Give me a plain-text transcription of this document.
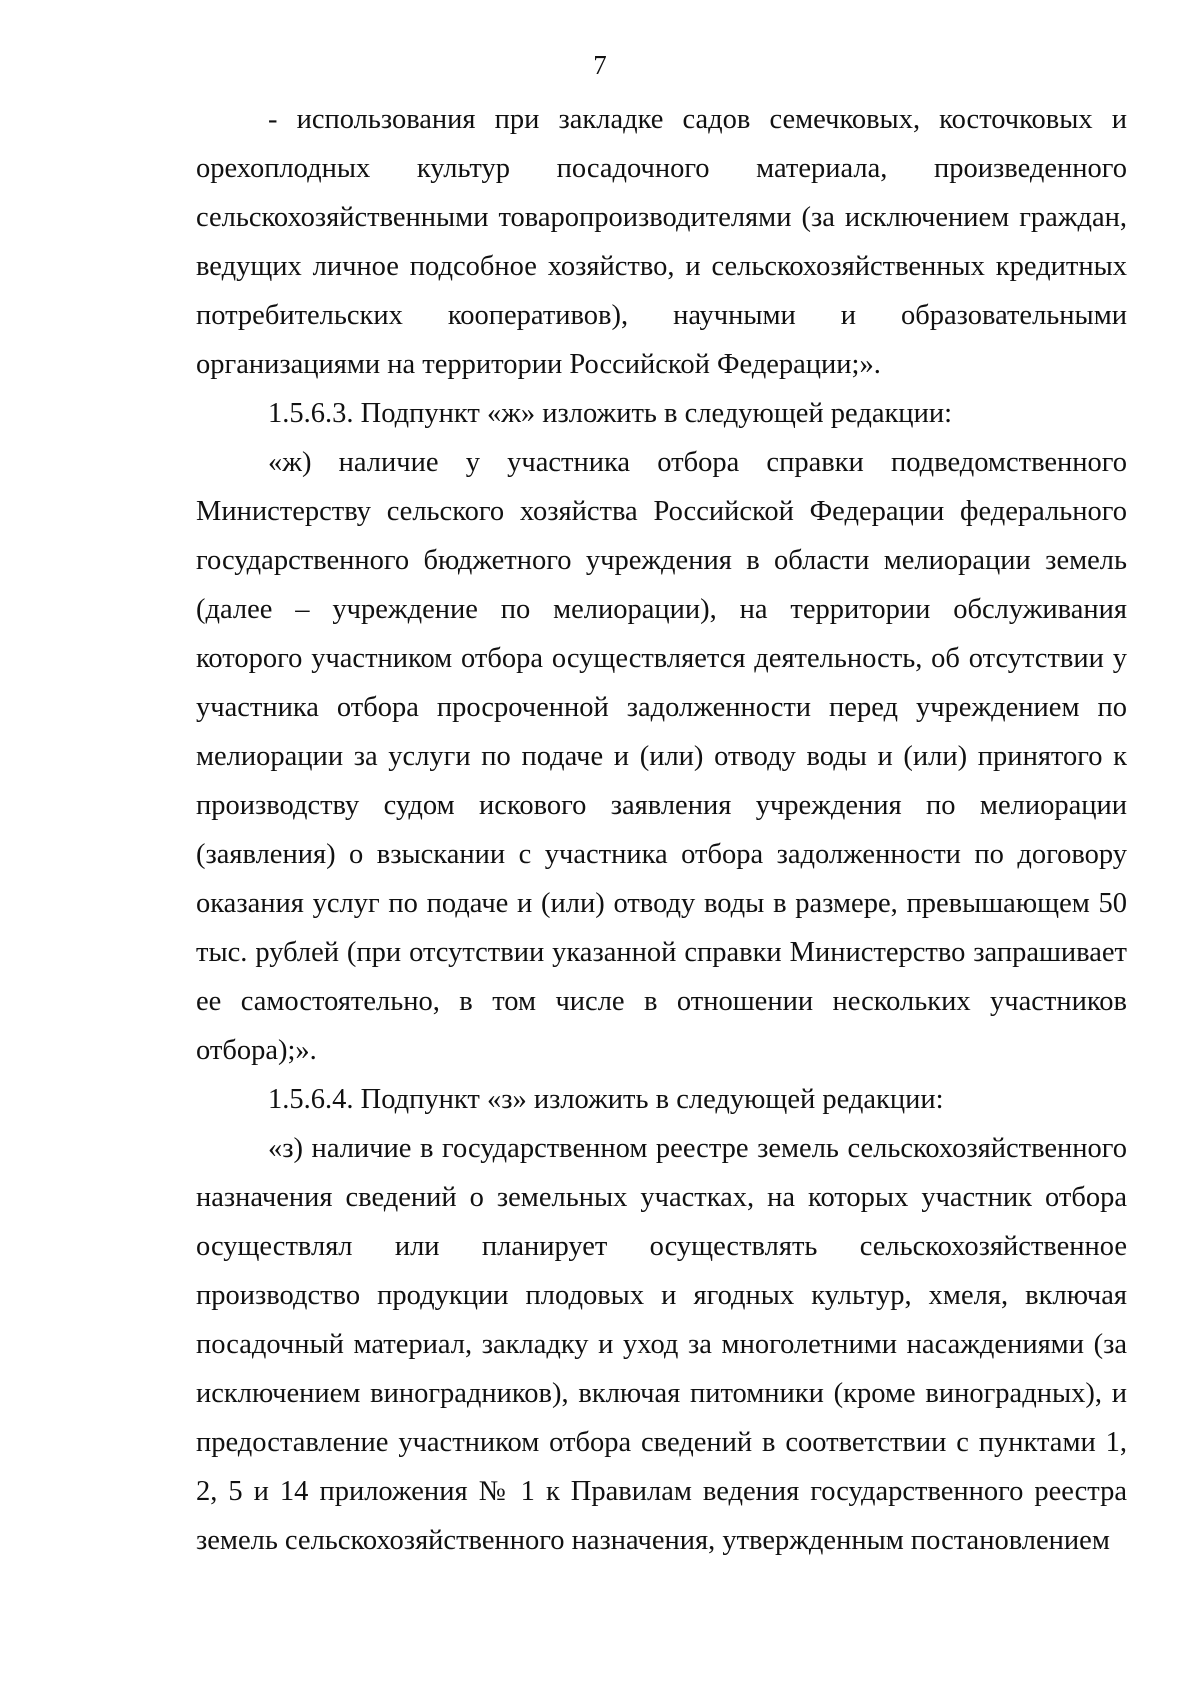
7

- использования при закладке садов семечковых, косточковых и орехоплодных культур посадочного материала, произведенного сельскохозяйственными товаропроизводителями (за исключением граждан, ведущих личное подсобное хозяйство, и сельскохозяйственных кредитных потребительских кооперативов), научными и образовательными организациями на территории Российской Федерации;».

1.5.6.3. Подпункт «ж» изложить в следующей редакции:

«ж) наличие у участника отбора справки подведомственного Министерству сельского хозяйства Российской Федерации федерального государственного бюджетного учреждения в области мелиорации земель (далее – учреждение по мелиорации), на территории обслуживания которого участником отбора осуществляется деятельность, об отсутствии у участника отбора просроченной задолженности перед учреждением по мелиорации за услуги по подаче и (или) отводу воды и (или) принятого к производству судом искового заявления учреждения по мелиорации (заявления) о взыскании с участника отбора задолженности по договору оказания услуг по подаче и (или) отводу воды в размере, превышающем 50 тыс. рублей (при отсутствии указанной справки Министерство запрашивает ее самостоятельно, в том числе в отношении нескольких участников отбора);».

1.5.6.4. Подпункт «з» изложить в следующей редакции:

«з) наличие в государственном реестре земель сельскохозяйственного назначения сведений о земельных участках, на которых участник отбора осуществлял или планирует осуществлять сельскохозяйственное производство продукции плодовых и ягодных культур, хмеля, включая посадочный материал, закладку и уход за многолетними насаждениями (за исключением виноградников), включая питомники (кроме виноградных), и предоставление участником отбора сведений в соответствии с пунктами 1, 2, 5 и 14 приложения № 1 к Правилам ведения государственного реестра земель сельскохозяйственного назначения, утвержденным постановлением
